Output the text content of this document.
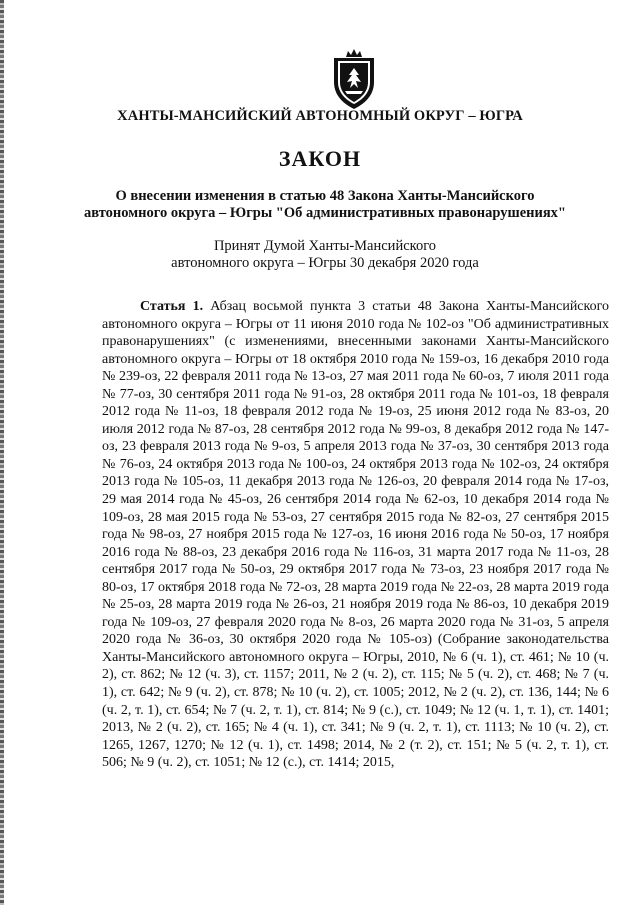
ХАНТЫ-МАНСИЙСКИЙ АВТОНОМНЫЙ ОКРУГ – ЮГРА
ЗАКОН
О внесении изменения в статью 48 Закона Ханты-Мансийского
автономного округа – Югры "Об административных правонарушениях"
Принят Думой Ханты-Мансийского
автономного округа – Югры 30 декабря 2020 года

Статья 1. Абзац восьмой пункта 3 статьи 48 Закона Ханты-Мансийского автономного округа – Югры от 11 июня 2010 года № 102-оз "Об административных правонарушениях" (с изменениями, внесенными законами Ханты-Мансийского автономного округа – Югры от 18 октября 2010 года № 159-оз, 16 декабря 2010 года № 239-оз, 22 февраля 2011 года № 13-оз, 27 мая 2011 года № 60-оз, 7 июля 2011 года № 77-оз, 30 сентября 2011 года № 91-оз, 28 октября 2011 года № 101-оз, 18 февраля 2012 года № 11-оз, 18 февраля 2012 года № 19-оз, 25 июня 2012 года № 83-оз, 20 июля 2012 года № 87-оз, 28 сентября 2012 года № 99-оз, 8 декабря 2012 года № 147-оз, 23 февраля 2013 года № 9-оз, 5 апреля 2013 года № 37-оз, 30 сентября 2013 года № 76-оз, 24 октября 2013 года № 100-оз, 24 октября 2013 года № 102-оз, 24 октября 2013 года № 105-оз, 11 декабря 2013 года № 126-оз, 20 февраля 2014 года № 17-оз, 29 мая 2014 года № 45-оз, 26 сентября 2014 года № 62-оз, 10 декабря 2014 года № 109-оз, 28 мая 2015 года № 53-оз, 27 сентября 2015 года № 82-оз, 27 сентября 2015 года № 98-оз, 27 ноября 2015 года № 127-оз, 16 июня 2016 года № 50-оз, 17 ноября 2016 года № 88-оз, 23 декабря 2016 года № 116-оз, 31 марта 2017 года № 11-оз, 28 сентября 2017 года № 50-оз, 29 октября 2017 года № 73-оз, 23 ноября 2017 года № 80-оз, 17 октября 2018 года № 72-оз, 28 марта 2019 года № 22-оз, 28 марта 2019 года № 25-оз, 28 марта 2019 года № 26-оз, 21 ноября 2019 года № 86-оз, 10 декабря 2019 года № 109-оз, 27 февраля 2020 года № 8-оз, 26 марта 2020 года № 31-оз, 5 апреля 2020 года № 36-оз, 30 октября 2020 года № 105-оз) (Собрание законодательства Ханты-Мансийского автономного округа – Югры, 2010, № 6 (ч. 1), ст. 461; № 10 (ч. 2), ст. 862; № 12 (ч. 3), ст. 1157; 2011, № 2 (ч. 2), ст. 115; № 5 (ч. 2), ст. 468; № 7 (ч. 1), ст. 642; № 9 (ч. 2), ст. 878; № 10 (ч. 2), ст. 1005; 2012, № 2 (ч. 2), ст. 136, 144; № 6 (ч. 2, т. 1), ст. 654; № 7 (ч. 2, т. 1), ст. 814; № 9 (с.), ст. 1049; № 12 (ч. 1, т. 1), ст. 1401; 2013, № 2 (ч. 2), ст. 165; № 4 (ч. 1), ст. 341; № 9 (ч. 2, т. 1), ст. 1113; № 10 (ч. 2), ст. 1265, 1267, 1270; № 12 (ч. 1), ст. 1498; 2014, № 2 (т. 2), ст. 151; № 5 (ч. 2, т. 1), ст. 506; № 9 (ч. 2), ст. 1051; № 12 (с.), ст. 1414; 2015,
